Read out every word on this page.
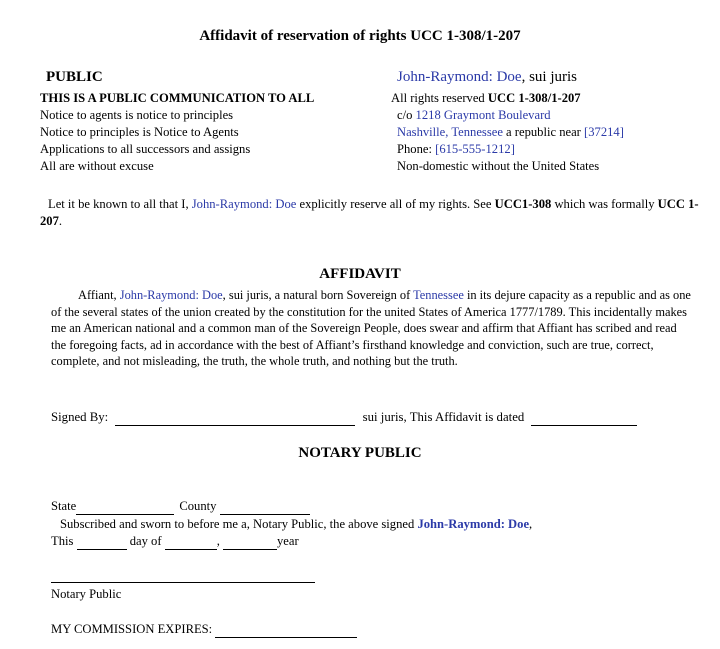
Affidavit of reservation of rights UCC 1-308/1-207
PUBLIC
THIS IS A PUBLIC COMMUNICATION TO ALL
Notice to agents is notice to principles
Notice to principles is Notice to Agents
Applications to all successors and assigns
All are without excuse
John-Raymond: Doe, sui juris
All rights reserved UCC 1-308/1-207
c/o 1218 Graymont Boulevard
Nashville, Tennessee a republic near [37214]
Phone: [615-555-1212]
Non-domestic without the United States
Let it be known to all that I, John-Raymond: Doe explicitly reserve all of my rights. See UCC1-308 which was formally UCC 1-207.
AFFIDAVIT

Affiant, John-Raymond: Doe, sui juris, a natural born Sovereign of Tennessee in its dejure capacity as a republic and as one of the several states of the union created by the constitution for the united States of America 1777/1789. This incidentally makes me an American national and a common man of the Sovereign People, does swear and affirm that Affiant has scribed and read the foregoing facts, ad in accordance with the best of Affiant’s firsthand knowledge and conviction, such are true, correct, complete, and not misleading, the truth, the whole truth, and nothing but the truth.

Signed By:	sui juris, This Affidavit is dated
NOTARY PUBLIC
State	County
Subscribed and sworn to before me a, Notary Public, the above signed John-Raymond: Doe,
This	day of	,	year
Notary Public
MY COMMISSION EXPIRES:
